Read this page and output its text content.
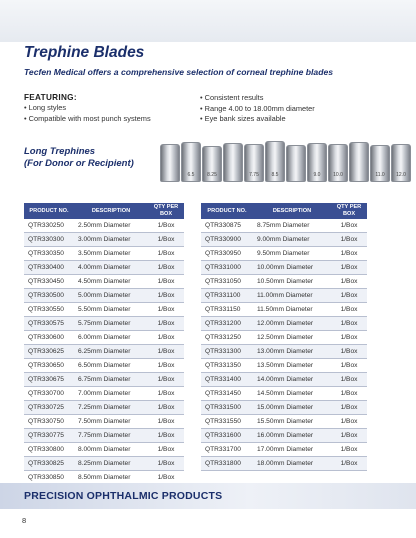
Trephine Blades
Tecfen Medical offers a comprehensive selection of corneal trephine blades
FEATURING:
• Long styles
• Compatible with most punch systems
• Consistent results
• Range 4.00 to 18.00mm diameter
• Eye bank sizes available
Long Trephines
(For Donor or Recipient)
6.5	8.25	7.75	8.5	9.0	10.0	11.0	12.0
PRODUCT NO.	DESCRIPTION	QTY PER BOX
QTR330250	2.50mm Diameter	1/Box
QTR330300	3.00mm Diameter	1/Box
QTR330350	3.50mm Diameter	1/Box
QTR330400	4.00mm Diameter	1/Box
QTR330450	4.50mm Diameter	1/Box
QTR330500	5.00mm Diameter	1/Box
QTR330550	5.50mm Diameter	1/Box
QTR330575	5.75mm Diameter	1/Box
QTR330600	6.00mm Diameter	1/Box
QTR330625	6.25mm Diameter	1/Box
QTR330650	6.50mm Diameter	1/Box
QTR330675	6.75mm Diameter	1/Box
QTR330700	7.00mm Diameter	1/Box
QTR330725	7.25mm Diameter	1/Box
QTR330750	7.50mm Diameter	1/Box
QTR330775	7.75mm Diameter	1/Box
QTR330800	8.00mm Diameter	1/Box
QTR330825	8.25mm Diameter	1/Box
QTR330850	8.50mm Diameter	1/Box
PRODUCT NO.	DESCRIPTION	QTY PER BOX
QTR330875	8.75mm Diameter	1/Box
QTR330900	9.00mm Diameter	1/Box
QTR330950	9.50mm Diameter	1/Box
QTR331000	10.00mm Diameter	1/Box
QTR331050	10.50mm Diameter	1/Box
QTR331100	11.00mm Diameter	1/Box
QTR331150	11.50mm Diameter	1/Box
QTR331200	12.00mm Diameter	1/Box
QTR331250	12.50mm Diameter	1/Box
QTR331300	13.00mm Diameter	1/Box
QTR331350	13.50mm Diameter	1/Box
QTR331400	14.00mm Diameter	1/Box
QTR331450	14.50mm Diameter	1/Box
QTR331500	15.00mm Diameter	1/Box
QTR331550	15.50mm Diameter	1/Box
QTR331600	16.00mm Diameter	1/Box
QTR331700	17.00mm Diameter	1/Box
QTR331800	18.00mm Diameter	1/Box
PRECISION OPHTHALMIC PRODUCTS
8
